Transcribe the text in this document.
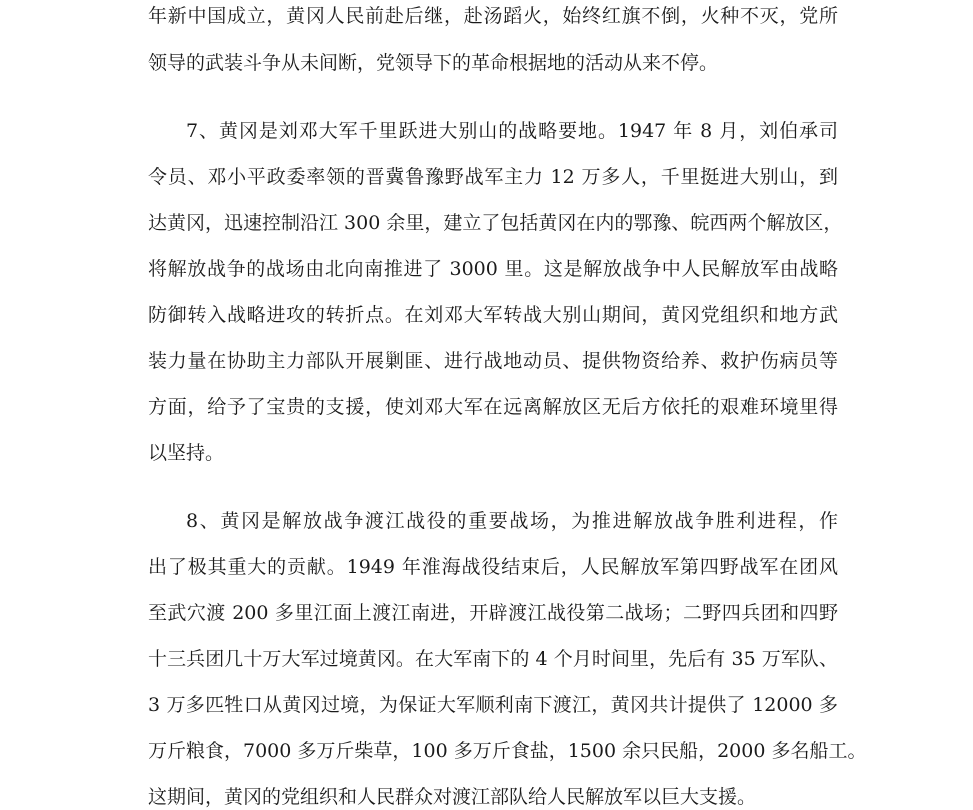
年新中国成立，黄冈人民前赴后继，赴汤蹈火，始终红旗不倒，火种不灭，党所
领导的武装斗争从未间断，党领导下的革命根据地的活动从来不停。
7、黄冈是刘邓大军千里跃进大别山的战略要地。1947 年 8 月，刘伯承司
令员、邓小平政委率领的晋冀鲁豫野战军主力 12 万多人，千里挺进大别山，到
达黄冈，迅速控制沿江 300 余里，建立了包括黄冈在内的鄂豫、皖西两个解放区，
将解放战争的战场由北向南推进了 3000 里。这是解放战争中人民解放军由战略
防御转入战略进攻的转折点。在刘邓大军转战大别山期间，黄冈党组织和地方武
装力量在协助主力部队开展剿匪、进行战地动员、提供物资给养、救护伤病员等
方面，给予了宝贵的支援，使刘邓大军在远离解放区无后方依托的艰难环境里得
以坚持。
8、黄冈是解放战争渡江战役的重要战场，为推进解放战争胜利进程，作
出了极其重大的贡献。1949 年淮海战役结束后，人民解放军第四野战军在团风
至武穴渡 200 多里江面上渡江南进，开辟渡江战役第二战场；二野四兵团和四野
十三兵团几十万大军过境黄冈。在大军南下的 4 个月时间里，先后有 35 万军队、
3 万多匹牲口从黄冈过境，为保证大军顺利南下渡江，黄冈共计提供了 12000 多
万斤粮食，7000 多万斤柴草，100 多万斤食盐，1500 余只民船，2000 多名船工。
这期间，黄冈的党组织和人民群众对渡江部队给人民解放军以巨大支援。
